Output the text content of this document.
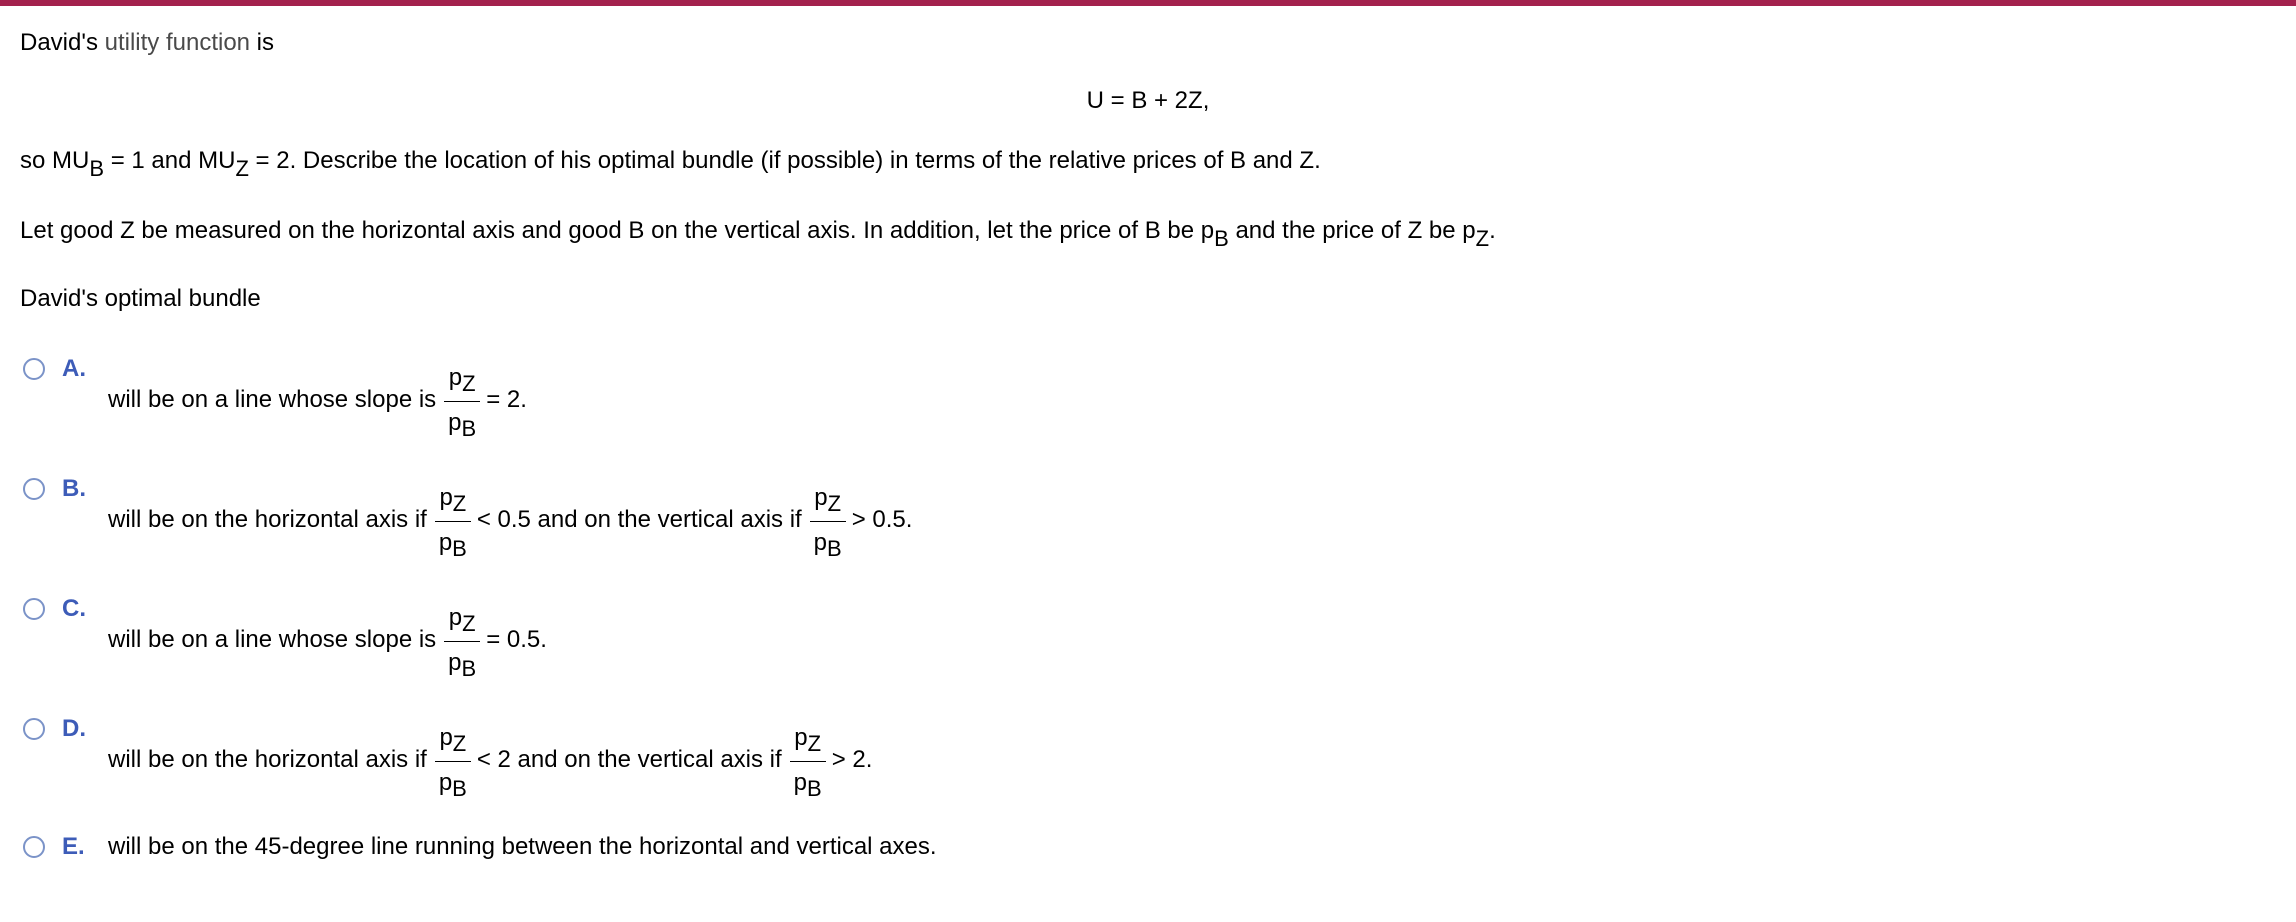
David's utility function is
U = B + 2Z,
so $MU_B = 1$ and $MU_Z = 2$. Describe the location of his optimal bundle (if possible) in terms of the relative prices of B and Z.
Let good Z be measured on the horizontal axis and good B on the vertical axis. In addition, let the price of B be $p_B$ and the price of Z be $p_Z$.
David's optimal bundle
A.
will be on a line whose slope is $\frac{p_Z}{p_B} = 2$.
B.
will be on the horizontal axis if $\frac{p_Z}{p_B} < 0.5$ and on the vertical axis if $\frac{p_Z}{p_B} > 0.5$.
C.
will be on a line whose slope is $\frac{p_Z}{p_B} = 0.5$.
D.
will be on the horizontal axis if $\frac{p_Z}{p_B} < 2$ and on the vertical axis if $\frac{p_Z}{p_B} > 2$.
E. will be on the 45-degree line running between the horizontal and vertical axes.
